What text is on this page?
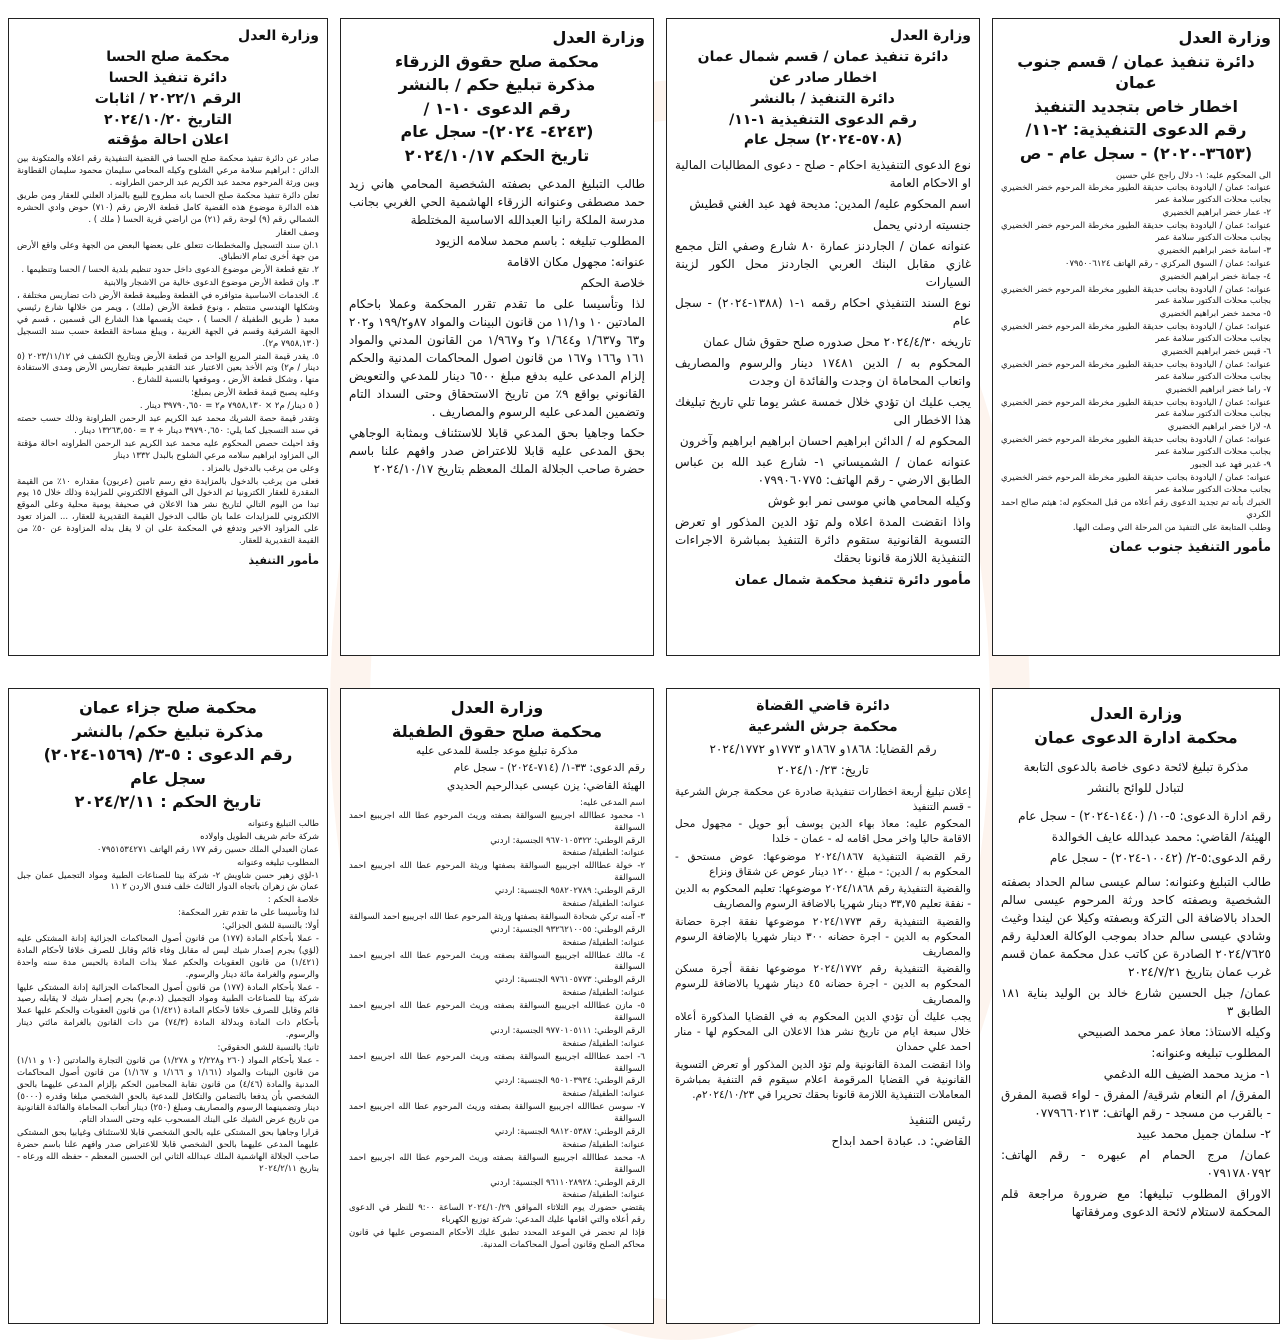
وزارة العدل
دائرة تنفيذ عمان / قسم جنوب عمان
اخطار خاص بتجديد التنفيذ
رقم الدعوى التنفيذية: ٢-١١/
(٣٦٥٣-٢٠٢٠) - سجل عام - ص
الى المحكوم عليه: ١- دلال راجح علي حسين
عنوانه: عمان / اليادودة بجانب حديقة الطيور مخرطة المرحوم خضر الخضيري بجانب محلات الدكتور سلامة عمر
٢- عمار خضر ابراهيم الخضيري
عنوانه: عمان / اليادودة بجانب حديقة الطيور مخرطة المرحوم خضر الخضيري بجانب محلات الدكتور سلامة عمر
٣- اسامة خضر ابراهيم الخضيري
عنوانه: عمان / السوق المركزي - رقم الهاتف ٠٧٩٥٠٠٦١٢٤
٤- جمانة خضر ابراهيم الخضيري
عنوانه: عمان / اليادودة بجانب حديقة الطيور مخرطة المرحوم خضر الخضيري بجانب محلات الدكتور سلامة عمر
٥- محمد خضر ابراهيم الخضيري
عنوانه: عمان / اليادودة بجانب حديقة الطيور مخرطة المرحوم خضر الخضيري بجانب محلات الدكتور سلامة عمر
٦- قيس خضر ابراهيم الخضيري
عنوانه: عمان / اليادودة بجانب حديقة الطيور مخرطة المرحوم خضر الخضيري بجانب محلات الدكتور سلامة عمر
٧- راما خضر ابراهيم الخضيري
عنوانه: عمان / اليادودة بجانب حديقة الطيور مخرطة المرحوم خضر الخضيري بجانب محلات الدكتور سلامة عمر
٨- لارا خضر ابراهيم الخضيري
عنوانه: عمان / اليادودة بجانب حديقة الطيور مخرطة المرحوم خضر الخضيري بجانب محلات الدكتور سلامة عمر
٩- غدير فهد عبد الجبور
عنوانه: عمان / اليادودة بجانب حديقة الطيور مخرطة المرحوم خضر الخضيري بجانب محلات الدكتور سلامة عمر
الخبرك بأنه تم تجديد الدعوى رقم أعلاه من قبل المحكوم له: هيثم صالح احمد الكردي
وطلب المتابعة على التنفيذ من المرحلة التي وصلت اليها.
مأمور التنفيذ جنوب عمان
وزارة العدل
دائرة تنفيذ عمان / قسم شمال عمان
اخطار صادر عن
دائرة التنفيذ / بالنشر
رقم الدعوى التنفيذية ١-١١/
(٥٧٠٨-٢٠٢٤) سجل عام
نوع الدعوى التنفيذية احكام - صلح - دعوى المطالبات المالية او الاحكام العامة
اسم المحكوم عليه/ المدين: مديحة فهد عبد الغني قطيش
جنسيته اردني يحمل
عنوانه عمان / الجاردنز عمارة ٨٠ شارع وصفي التل مجمع غازي مقابل البنك العربي الجاردنز محل الكور لزينة السيارات
نوع السند التنفيذي احكام رقمه ١-١ (١٣٨٨-٢٠٢٤) - سجل عام
تاريخه ٢٠٢٤/٤/٣٠ محل صدوره صلح حقوق شال عمان
المحكوم به / الدين ١٧٤٨١ دينار والرسوم والمصاريف واتعاب المحاماة ان وجدت والفائدة ان وجدت
يجب عليك ان تؤدي خلال خمسة عشر يوما تلي تاريخ تبليغك هذا الاخطار الى
المحكوم له / الدائن ابراهيم احسان ابراهيم ابراهيم وآخرون
عنوانه عمان / الشميساني ١- شارع عبد الله بن عباس الطابق الارضي - رقم الهاتف: ٠٧٩٩٠٦٠٧٧٥
وكيله المحامي هاني موسى نمر ابو غوش
واذا انقضت المدة اعلاه ولم تؤد الدين المذكور او تعرض التسوية القانونية ستقوم دائرة التنفيذ بمباشرة الاجراءات التنفيذية اللازمة قانونا بحقك
مأمور دائرة تنفيذ محكمة شمال عمان
وزارة العدل
محكمة صلح حقوق الزرقاء
مذكرة تبليغ حكم / بالنشر
رقم الدعوى ١٠-١ /
(٤٢٤٣- ٢٠٢٤)- سجل عام
تاريخ الحكم ٢٠٢٤/١٠/١٧
طالب التبليغ المدعي بصفته الشخصية المحامي هاني زيد حمد مصطفى وعنوانه الزرقاء الهاشمية الحي الغربي بجانب مدرسة الملكة رانيا العبدالله الاساسية المختلطة
المطلوب تبليغه : باسم محمد سلامه الزيود
عنوانه: مجهول مكان الاقامة
خلاصة الحكم
لذا وتأسيسا على ما تقدم تقرر المحكمة وعملا باحكام المادتين ١٠ و١١/١ من قانون البينات والمواد ٨٧و١٩٩/٢ و٢٠٢ و٦٣ و١/٦٣٧ و١/٦٤٤ و٢ و١/٩٦٧ من القانون المدني والمواد ١٦١ و١٦٦ و١٦٧ من قانون اصول المحاكمات المدنية والحكم إلزام المدعى عليه بدفع مبلغ ٦٥٠٠ دينار للمدعي والتعويض القانوني بواقع ٩٪ من تاريخ الاستحقاق وحتى السداد التام وتضمين المدعى عليه الرسوم والمصاريف .
حكما وجاهيا بحق المدعي قابلا للاستئناف وبمثابة الوجاهي بحق المدعى عليه قابلا للاعتراض صدر وافهم علنا باسم حضرة صاحب الجلالة الملك المعظم بتاريخ ٢٠٢٤/١٠/١٧
وزارة العدل
محكمة صلح الحسا
دائرة تنفيذ الحسا
الرقم ٢٠٢٢/١ / اثابات
التاريخ ٢٠٢٤/١٠/٢٠
اعلان احالة مؤقته
صادر عن دائرة تنفيذ محكمة صلح الحسا في القضية التنفيذية رقم اعلاه والمتكونة بين الدائن : ابراهيم سلامة مرعي الشلوح وكيله المحامي سليمان محمود سليمان القطاونة وبين ورثة المرحوم محمد عبد الكريم عبد الرحمن الطراونه .
تعلن دائرة تنفيذ محكمة صلح الحسا بانه مطروح للبيع بالمزاد العلني للعقار ومن طريق هذه الدائرة موضوع هذه القضية كامل قطعة الارض رقم (٧١٠) حوض وادي الحشره الشمالي رقم (٩) لوحة رقم (٢١) من اراضي قرية الحسا ( ملك ) .
وصف العقار
١.ان سند التسجيل والمخططات تتعلق على بعضها البعض من الجهة وعلى واقع الأرض من جهة أخرى تمام الانطباق.
٢. تقع قطعة الأرض موضوع الدعوى داخل حدود تنظيم بلدية الحسا / الحسا وتنظيمها .
٣. وان قطعة الأرض موضوع الدعوى خالية من الاشجار والابنية
٤. الخدمات الاساسية متوافره في القطعة وطبيعة قطعة الأرض ذات تضاريس مختلفة ، وشكلها الهندسي منتظم ، ونوع قطعة الأرض (ملك) ، ويمر من خلالها شارع رئيسي معبد ( طريق الطفيلة / الحسا ) ، حيث يقسمها هذا الشارع الى قسمين ، قسم في الجهة الشرقية وقسم في الجهة الغربية ، ويبلغ مساحة القطعة حسب سند التسجيل (٧٩٥٨,١٣٠ م٢).
٥. يقدر قيمة المتر المربع الواحد من قطعة الأرض وبتاريخ الكشف في ٢٠٢٣/١١/١٢ (٥ دينار / م٢) وتم الأخذ بعين الاعتبار عند التقدير طبيعة تضاريس الأرض ومدى الاستفادة منها ، وشكل قطعة الأرض ، وموقعها بالنسبة للشارع .
وعليه يصبح قيمة قطعة الأرض بمبلغ:
( ٥ دينار/ م٢ × ٧٩٥٨,١٣٠ م٢ = ٣٩٧٩٠,٦٥٠ دينار .
وتقدر قيمة حصة الشريك محمد عبد الكريم عبد الرحمن الطراونة وذلك حسب حصته في سند التسجيل كما يلي: ٣٩٧٩٠,٦٥٠ دينار ÷ ٣ = ١٣٢٦٣,٥٥٠ دينار .
وقد احيلت حصص المحكوم عليه محمد عبد الكريم عبد الرحمن الطراونه احالة مؤقتة الى المزاود ابراهيم سلامه مرعي الشلوح بالبدل ١٣٣٢ دينار
وعلى من يرغب بالدخول بالمزاد .
فعلى من يرغب بالدخول بالمزايدة دفع رسم تامين (عربون) مقداره ١٠٪ من القيمة المقدرة للعقار الكترونيا ثم الدخول الى الموقع الالكتروني للمزايدة وذلك خلال ١٥ يوم تبدا من اليوم التالي لتاريخ نشر هذا الاعلان في صحيفة يومية محلية وعلى الموقع الالكتروني للمزايدات علما بان طالب الدخول القيمة التقديرية للعقار، ... المزاد تعود على المزاود الاخير وتدفع في المحكمة على ان لا يقل بدله المزاودة عن ٥٠٪ من القيمة التقديرية للعقار.
مأمور التنفيذ
وزارة العدل
محكمة ادارة الدعوى عمان
مذكرة تبليغ لائحة دعوى خاصة بالدعوى التابعة
لتبادل للوائح بالنشر
رقم ادارة الدعوى: ٥-١٠/ (١٤٤٠-٢٠٢٤) - سجل عام
الهيئة/ القاضي: محمد عبدالله عايف الخوالدة
رقم الدعوى:٥-٢/ (١٠٠٤٢-٢٠٢٤) - سجل عام
طالب التبليغ وعنوانه: سالم عيسى سالم الحداد بصفته الشخصية وبصفته كاحد ورثة المرحوم عيسى سالم الحداد بالاضافة الى التركة وبصفته وكيلا عن ليندا وغيث وشادي عيسى سالم حداد بموجب الوكالة العدلية رقم ٢٠٢٤/٧٦٢٥ الصادرة عن كاتب عدل محكمة عمان قسم غرب عمان بتاريخ ٢٠٢٤/٧/٢١
عمان/ جبل الحسين شارع خالد بن الوليد بناية ١٨١ الطابق ٣
وكيله الاستاذ: معاذ عمر محمد الصبيحي
المطلوب تبليغه وعنوانه:
١- مزيد محمد الضيف الله الدغمي
المفرق/ ام النعام شرقية/ المفرق - لواء قصبة المفرق - بالقرب من مسجد - رقم الهاتف: ٠٧٧٩٦٦٠٢١٣
٢- سلمان جميل محمد عبيد
عمان/ مرج الحمام ام عبهره - رقم الهاتف: ٠٧٩١٧٨٠٧٩٢
الاوراق المطلوب تبليغها: مع ضرورة مراجعة قلم المحكمة لاستلام لائحة الدعوى ومرفقاتها
دائرة قاضي القضاة
محكمة جرش الشرعية
رقم القضايا: ١٨٦٨و ١٨٦٧و ١٧٧٣و ٢٠٢٤/١٧٧٢
تاريخ: ٢٠٢٤/١٠/٢٣
إعلان تبليغ أربعة اخطارات تنفيذية صادرة عن محكمة جرش الشرعية - قسم التنفيذ
المحكوم عليه: معاذ بهاء الدين يوسف أبو حويل - مجهول محل الاقامة حاليا واخر محل اقامه له - عمان - خلدا
رقم القضية التنفيذية ٢٠٢٤/١٨٦٧ موضوعها: عوض مستحق - المحكوم به / الدين: - مبلغ ١٢٠٠ دينار عوض عن شقاق ونزاع
والقضية التنفيذية رقم ٢٠٢٤/١٨٦٨ موضوعها: تعليم المحكوم به الدين - نفقة تعليم ٣٣,٧٥ دينار شهريا بالاضافة الرسوم والمصاريف
والقضية التنفيذية رقم ٢٠٢٤/١٧٧٣ موضوعها نفقة اجرة حضانة المحكوم به الدين - اجرة حضانه ٣٠٠ دينار شهريا بالإضافة الرسوم والمصاريف
والقضية التنفيذية رقم ٢٠٢٤/١٧٧٢ موضوعها نفقة أجرة مسكن المحكوم به الدين - اجرة حضانه ٤٥ دينار شهريا بالاضافة للرسوم والمصاريف
يجب عليك أن تؤدي الدين المحكوم به في القضايا المذكورة أعلاه خلال سبعة ايام من تاريخ نشر هذا الاعلان الى المحكوم لها - منار احمد علي حمدان
واذا انقضت المدة القانونية ولم تؤد الدين المذكور أو تعرض التسوية القانونية في القضايا المرقومة اعلام سيقوم قم التنفية بمباشرة المعاملات التنفيذية اللازمة قانونا بحقك تحريرا في ٢٠٢٤/١٠/٢٣م.
رئيس التنفيذ
القاضي: د. عبادة احمد ابداح
وزارة العدل
محكمة صلح حقوق الطفيلة
مذكرة تبليغ موعد جلسة للمدعى عليه
رقم الدعوى: ٣٣-١/ (٧١٤-٢٠٢٤) - سجل عام
الهيئة القاضي: يزن عيسى عبدالرحيم الحديدي
اسم المدعى عليه:
١- محمود عطاالله اجريبيع السوالقة بصفته وريث المرحوم عطا الله اجريبيع احمد السوالقة
الرقم الوطني: ٩٦٧٠١٠٥٣٢٢ الجنسية: اردني
عنوانه: الطفيلة/ صنفحة
٢- خولة عطاالله اجريبيع السوالقة بصفتها وريثة المرحوم عطا الله اجريبيع احمد السوالقة
الرقم الوطني: ٩٥٨٢٠٢٧٨٩ الجنسية: اردني
عنوانه: الطفيلة/ صنفحة
٣- آمنه تركي شحادة السوالقة بصفتها وريثة المرحوم عطا الله اجريبيع احمد السوالقة
الرقم الوطني: ٩٣٢٦٢١٠٠٥٥ الجنسية: اردني
عنوانه: الطفيلة/ صنفحة
٤- مالك عطاالله اجريبيع السوالقة بصفته وريث المرحوم عطا الله اجريبيع احمد السوالقة
الرقم الوطني: ٩٧٦١٠٥٧٧٣ الجنسية: اردني
عنوانه: الطفيلة/ صنفحة
٥- مازن عطاالله اجريبيع السوالقة بصفته وريث المرحوم عطا الله اجريبيع احمد السوالقة
الرقم الوطني: ٩٧٧٠١٠٥١١١ الجنسية: اردني
عنوانه: الطفيلة/ صنفحة
٦- احمد عطاالله اجريبيع السوالقة بصفته وريث المرحوم عطا الله اجريبيع احمد السوالقة
الرقم الوطني: ٩٥٠١٠٣٩٣٤ الجنسية: اردني
عنوانه: الطفيلة/ صنفحة
٧- سوسن عطاالله اجريبيع السوالقة بصفته وريث المرحوم عطا الله اجريبيع احمد السوالقة
الرقم الوطني: ٩٨١٢٠٥٣٨٧ الجنسية: اردني
عنوانه: الطفيلة/ صنفحة
٨- محمد عطاالله اجريبيع السوالقة بصفته وريث المرحوم عطا الله اجريبيع احمد السوالقة
الرقم الوطني: ٩٦١١٠٢٨٩٢٨ الجنسية: اردني
عنوانه: الطفيلة/ صنفحة
يقتضي حضورك يوم الثلاثاء الموافق ٢٠٢٤/١٠/٢٩ الساعة ٩:٠٠ للنظر في الدعوى رقم أعلاه والتي اقامها عليك المدعي: شركة توزيع الكهرباء
فإذا لم تحضر في الموعد المحدد تطبق عليك الأحكام المنصوص عليها في قانون محاكم الصلح وقانون أصول المحاكمات المدنية.
محكمة صلح جزاء عمان
مذكرة تبليغ حكم/ بالنشر
رقم الدعوى : ٥-٣/ (١٥٦٩-٢٠٢٤)
سجل عام
تاريخ الحكم : ٢٠٢٤/٢/١١
طالب التبليغ وعنوانه
شركة حاتم شريف الطويل واولاده
عمان العبدلي الملك حسين رقم ١٧٧ رقم الهاتف ٠٧٩٥١٥٣٤٢٧١
المطلوب تبليغه وعنوانه
١-لؤي زهير حسن شاويش ٢- شركة بيتا للصناعات الطبية ومواد التجميل عمان جبل عمان ش زهران باتجاه الدوار الثالث خلف فندق الاردن ٢ ١١
خلاصة الحكم :
لذا وتأسيسا على ما تقدم تقرر المحكمة:
أولا: بالنسبة للشق الجزائي:
- عملا بأحكام المادة (١٧٧) من قانون أصول المحاكمات الجزائية إدانة المشتكى عليه (لؤي) بجرم إصدار شيك ليس له مقابل وفاء قائم وقابل للصرف خلافا لأحكام المادة (١/٤٢١) من قانون العقوبات والحكم عملا بذات المادة بالحبس مدة سنه واحدة والرسوم والغرامة مائة دينار والرسوم.
- عملا بأحكام المادة (١٧٧) من قانون أصول المحاكمات الجزائية إدانة المشتكى عليها شركة بيتا للصناعات الطبية ومواد التجميل (ذ.م.م) بجرم إصدار شيك لا يقابله رصيد قائم وقابل للصرف خلافا لأحكام المادة (١/٤٢١) من قانون العقوبات والحكم عليها عملا بأحكام ذات المادة وبدلالة المادة (٧٤/٣) من ذات القانون بالغرامة مائتي دينار والرسوم.
ثانيا: بالنسبة للشق الحقوقي:
- عملا بأحكام المواد (٢٦٠ و٢/٢٢٨ و ١/٢٧٨) من قانون التجارة والمادتين (١٠ و ١/١١) من قانون البينات والمواد (١/١٦١ و ١/١٦٦ و ١/١٦٧) من قانون أصول المحاكمات المدنية والمادة (٤/٤٦) من قانون نقابة المحامين الحكم بإلزام المدعى عليهما بالحق الشخصي بأن يدفعا بالتضامن والتكافل للمدعية بالحق الشخصي مبلغا وقدره (٥٠٠٠) دينار وتضمينهما الرسوم والمصاريف ومبلغ (٢٥٠) دينار أتعاب المحاماة والفائدة القانونية من تاريخ عرض الشيك على البنك المسحوب عليه وحتى السداد التام.
قرارا وجاهيا بحق المشتكى عليه بالحق الشخصي قابلا للاستئناف وغيابيا بحق المشتكى عليهما المدعى عليهما بالحق الشخصي قابلا للاعتراض صدر وافهم علنا باسم حضرة صاحب الجلالة الهاشمية الملك عبدالله الثاني ابن الحسين المعظم - حفظه الله ورعاه - بتاريخ ٢٠٢٤/٢/١١
